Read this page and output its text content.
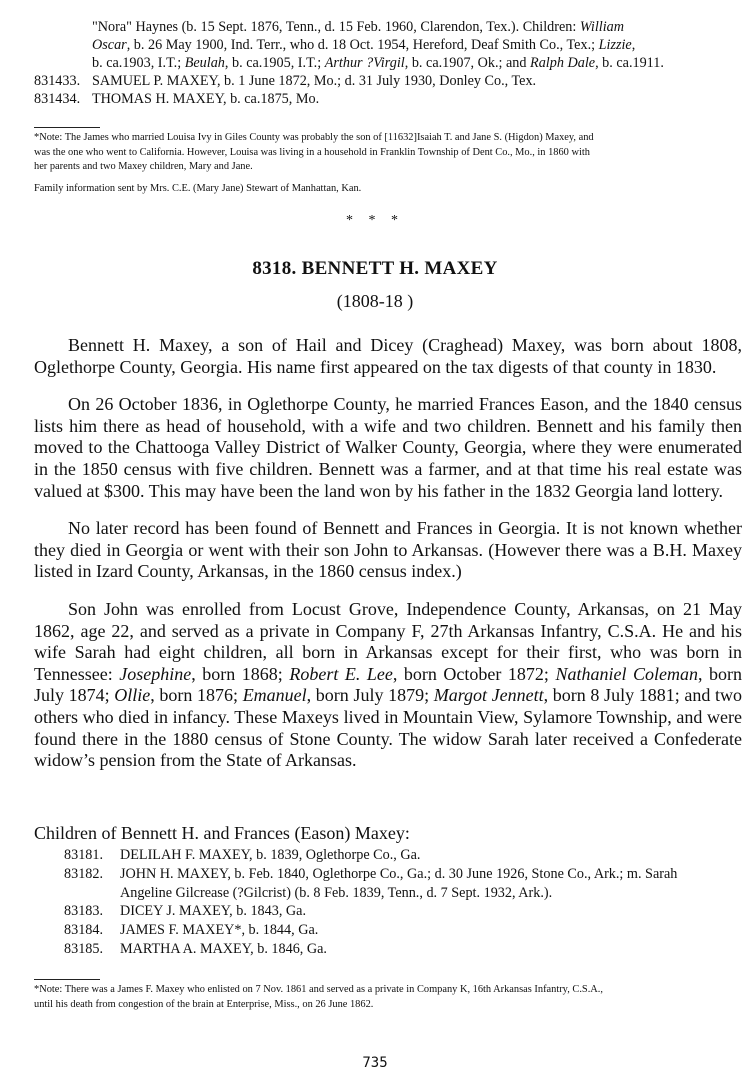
"Nora" Haynes (b. 15 Sept. 1876, Tenn., d. 15 Feb. 1960, Clarendon, Tex.). Children: William
Oscar, b. 26 May 1900, Ind. Terr., who d. 18 Oct. 1954, Hereford, Deaf Smith Co., Tex.; Lizzie,
b. ca.1903, I.T.; Beulah, b. ca.1905, I.T.; Arthur ?Virgil, b. ca.1907, Ok.; and Ralph Dale, b. ca.1911.
831433. SAMUEL P. MAXEY, b. 1 June 1872, Mo.; d. 31 July 1930, Donley Co., Tex.
831434. THOMAS H. MAXEY, b. ca.1875, Mo.
*Note: The James who married Louisa Ivy in Giles County was probably the son of [11632]Isaiah T. and Jane S. (Higdon) Maxey, and
was the one who went to California. However, Louisa was living in a household in Franklin Township of Dent Co., Mo., in 1860 with
her parents and two Maxey children, Mary and Jane.
Family information sent by Mrs. C.E. (Mary Jane) Stewart of Manhattan, Kan.
* * *
8318. BENNETT H. MAXEY
(1808-18 )

Bennett H. Maxey, a son of Hail and Dicey (Craghead) Maxey, was born about 1808, Oglethorpe County, Georgia. His name first appeared on the tax digests of that county in 1830.

On 26 October 1836, in Oglethorpe County, he married Frances Eason, and the 1840 census lists him there as head of household, with a wife and two children. Bennett and his family then moved to the Chattooga Valley District of Walker County, Georgia, where they were enumerated in the 1850 census with five children. Bennett was a farmer, and at that time his real estate was valued at $300. This may have been the land won by his father in the 1832 Georgia land lottery.

No later record has been found of Bennett and Frances in Georgia. It is not known whether they died in Georgia or went with their son John to Arkansas. (However there was a B.H. Maxey listed in Izard County, Arkansas, in the 1860 census index.)

Son John was enrolled from Locust Grove, Independence County, Arkansas, on 21 May 1862, age 22, and served as a private in Company F, 27th Arkansas Infantry, C.S.A. He and his wife Sarah had eight children, all born in Arkansas except for their first, who was born in Tennessee: Josephine, born 1868; Robert E. Lee, born October 1872; Nathaniel Coleman, born July 1874; Ollie, born 1876; Emanuel, born July 1879; Margot Jennett, born 8 July 1881; and two others who died in infancy. These Maxeys lived in Mountain View, Sylamore Township, and were found there in the 1880 census of Stone County. The widow Sarah later received a Confederate widow’s pension from the State of Arkansas.

Children of Bennett H. and Frances (Eason) Maxey:
83181.	DELILAH F. MAXEY, b. 1839, Oglethorpe Co., Ga.
83182.	JOHN H. MAXEY, b. Feb. 1840, Oglethorpe Co., Ga.; d. 30 June 1926, Stone Co., Ark.; m. Sarah
Angeline Gilcrease (?Gilcrist) (b. 8 Feb. 1839, Tenn., d. 7 Sept. 1932, Ark.).
83183.	DICEY J. MAXEY, b. 1843, Ga.
83184.	JAMES F. MAXEY*, b. 1844, Ga.
83185.	MARTHA A. MAXEY, b. 1846, Ga.
*Note: There was a James F. Maxey who enlisted on 7 Nov. 1861 and served as a private in Company K, 16th Arkansas Infantry, C.S.A.,
until his death from congestion of the brain at Enterprise, Miss., on 26 June 1862.
735
